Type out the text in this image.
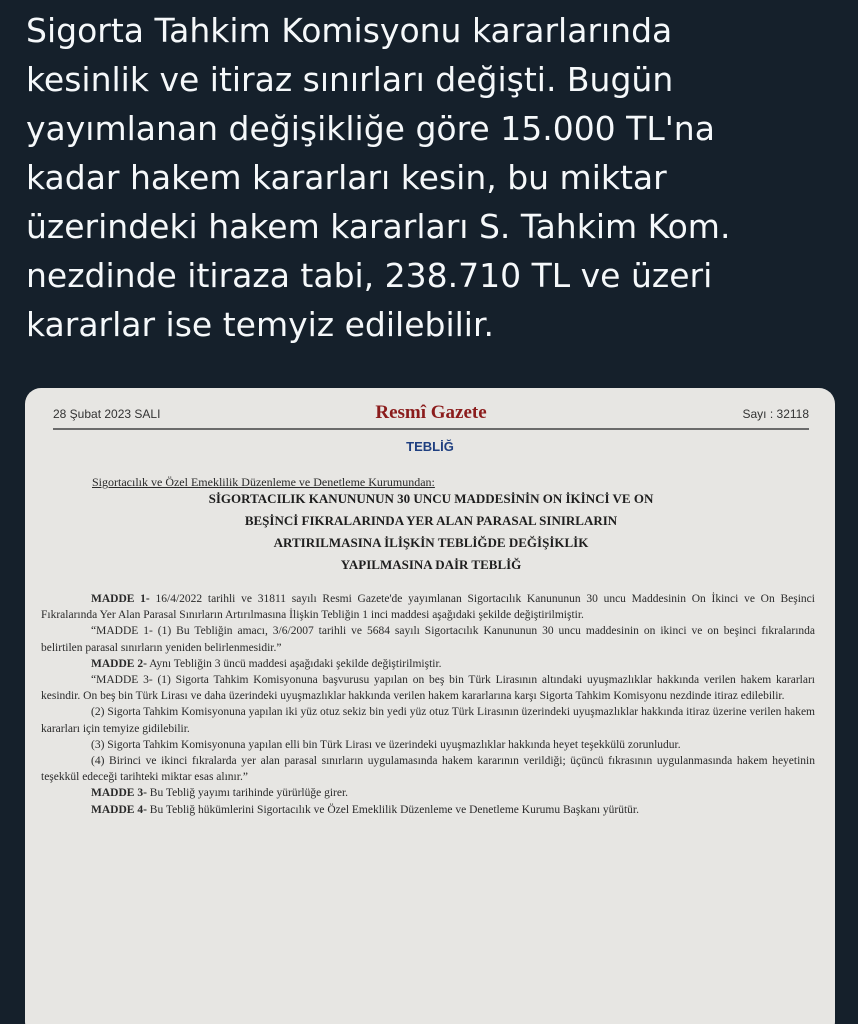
Sigorta Tahkim Komisyonu kararlarında
kesinlik ve itiraz sınırları değişti. Bugün
yayımlanan değişikliğe göre 15.000 TL'na
kadar hakem kararları kesin, bu miktar
üzerindeki hakem kararları S. Tahkim Kom.
nezdinde itiraza tabi, 238.710 TL ve üzeri
kararlar ise temyiz edilebilir.
28 Şubat 2023 SALI	Resmî Gazete	Sayı : 32118
TEBLİĞ
Sigortacılık ve Özel Emeklilik Düzenleme ve Denetleme Kurumundan:
SİGORTACILIK KANUNUNUN 30 UNCU MADDESİNİN ON İKİNCİ VE ON
BEŞİNCİ FIKRALARINDA YER ALAN PARASAL SINIRLARIN
ARTIRILMASINA İLİŞKİN TEBLİĞDE DEĞİŞİKLİK
YAPILMASINA DAİR TEBLİĞ

MADDE 1- 16/4/2022 tarihli ve 31811 sayılı Resmi Gazete'de yayımlanan Sigortacılık Kanununun 30 uncu Maddesinin On İkinci ve On Beşinci Fıkralarında Yer Alan Parasal Sınırların Artırılmasına İlişkin Tebliğin 1 inci maddesi aşağıdaki şekilde değiştirilmiştir.

“MADDE 1- (1) Bu Tebliğin amacı, 3/6/2007 tarihli ve 5684 sayılı Sigortacılık Kanununun 30 uncu maddesinin on ikinci ve on beşinci fıkralarında belirtilen parasal sınırların yeniden belirlenmesidir.”

MADDE 2- Aynı Tebliğin 3 üncü maddesi aşağıdaki şekilde değiştirilmiştir.

“MADDE 3- (1) Sigorta Tahkim Komisyonuna başvurusu yapılan on beş bin Türk Lirasının altındaki uyuşmazlıklar hakkında verilen hakem kararları kesindir. On beş bin Türk Lirası ve daha üzerindeki uyuşmazlıklar hakkında verilen hakem kararlarına karşı Sigorta Tahkim Komisyonu nezdinde itiraz edilebilir.

(2) Sigorta Tahkim Komisyonuna yapılan iki yüz otuz sekiz bin yedi yüz otuz Türk Lirasının üzerindeki uyuşmazlıklar hakkında itiraz üzerine verilen hakem kararları için temyize gidilebilir.

(3) Sigorta Tahkim Komisyonuna yapılan elli bin Türk Lirası ve üzerindeki uyuşmazlıklar hakkında heyet teşekkülü zorunludur.

(4) Birinci ve ikinci fıkralarda yer alan parasal sınırların uygulamasında hakem kararının verildiği; üçüncü fıkrasının uygulanmasında hakem heyetinin teşekkül edeceği tarihteki miktar esas alınır.”

MADDE 3- Bu Tebliğ yayımı tarihinde yürürlüğe girer.

MADDE 4- Bu Tebliğ hükümlerini Sigortacılık ve Özel Emeklilik Düzenleme ve Denetleme Kurumu Başkanı yürütür.
